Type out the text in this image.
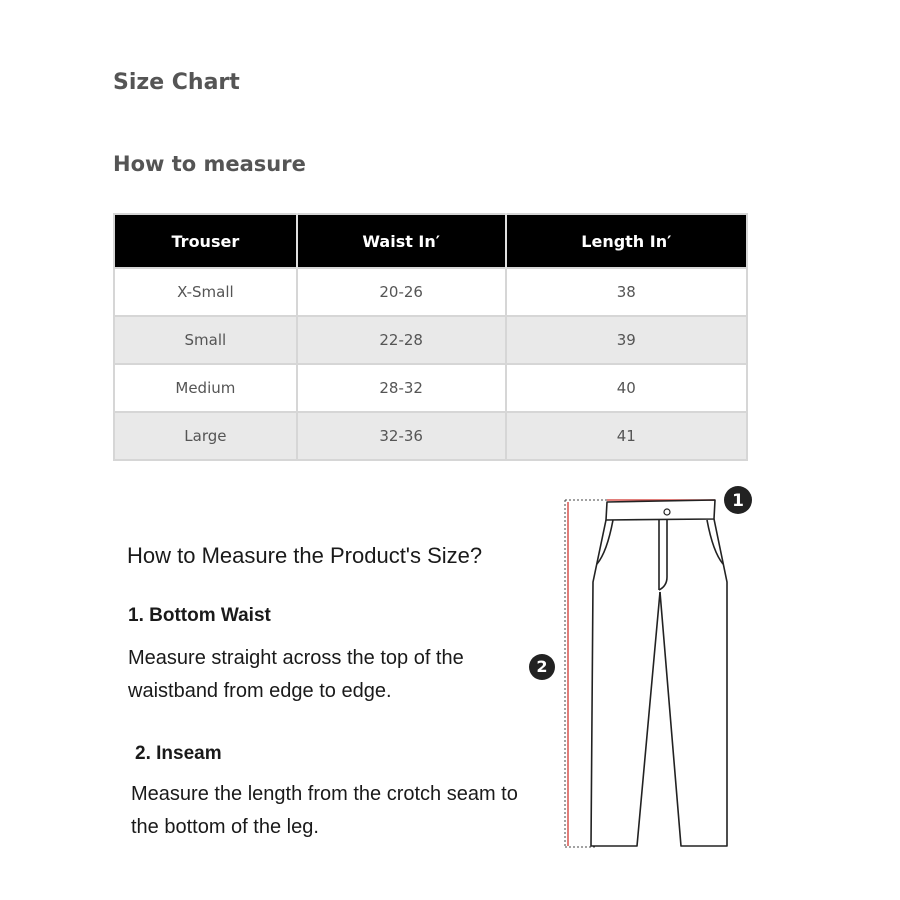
Size Chart
How to measure
Trouser	Waist In′	Length In′
X-Small	20-26	38
Small	22-28	39
Medium	28-32	40
Large	32-36	41

How to Measure the Product's Size?

1. Bottom Waist

Measure straight across the top of the waistband from edge to edge.

2. Inseam

Measure the length from the crotch seam to the bottom of the leg.

1
2
